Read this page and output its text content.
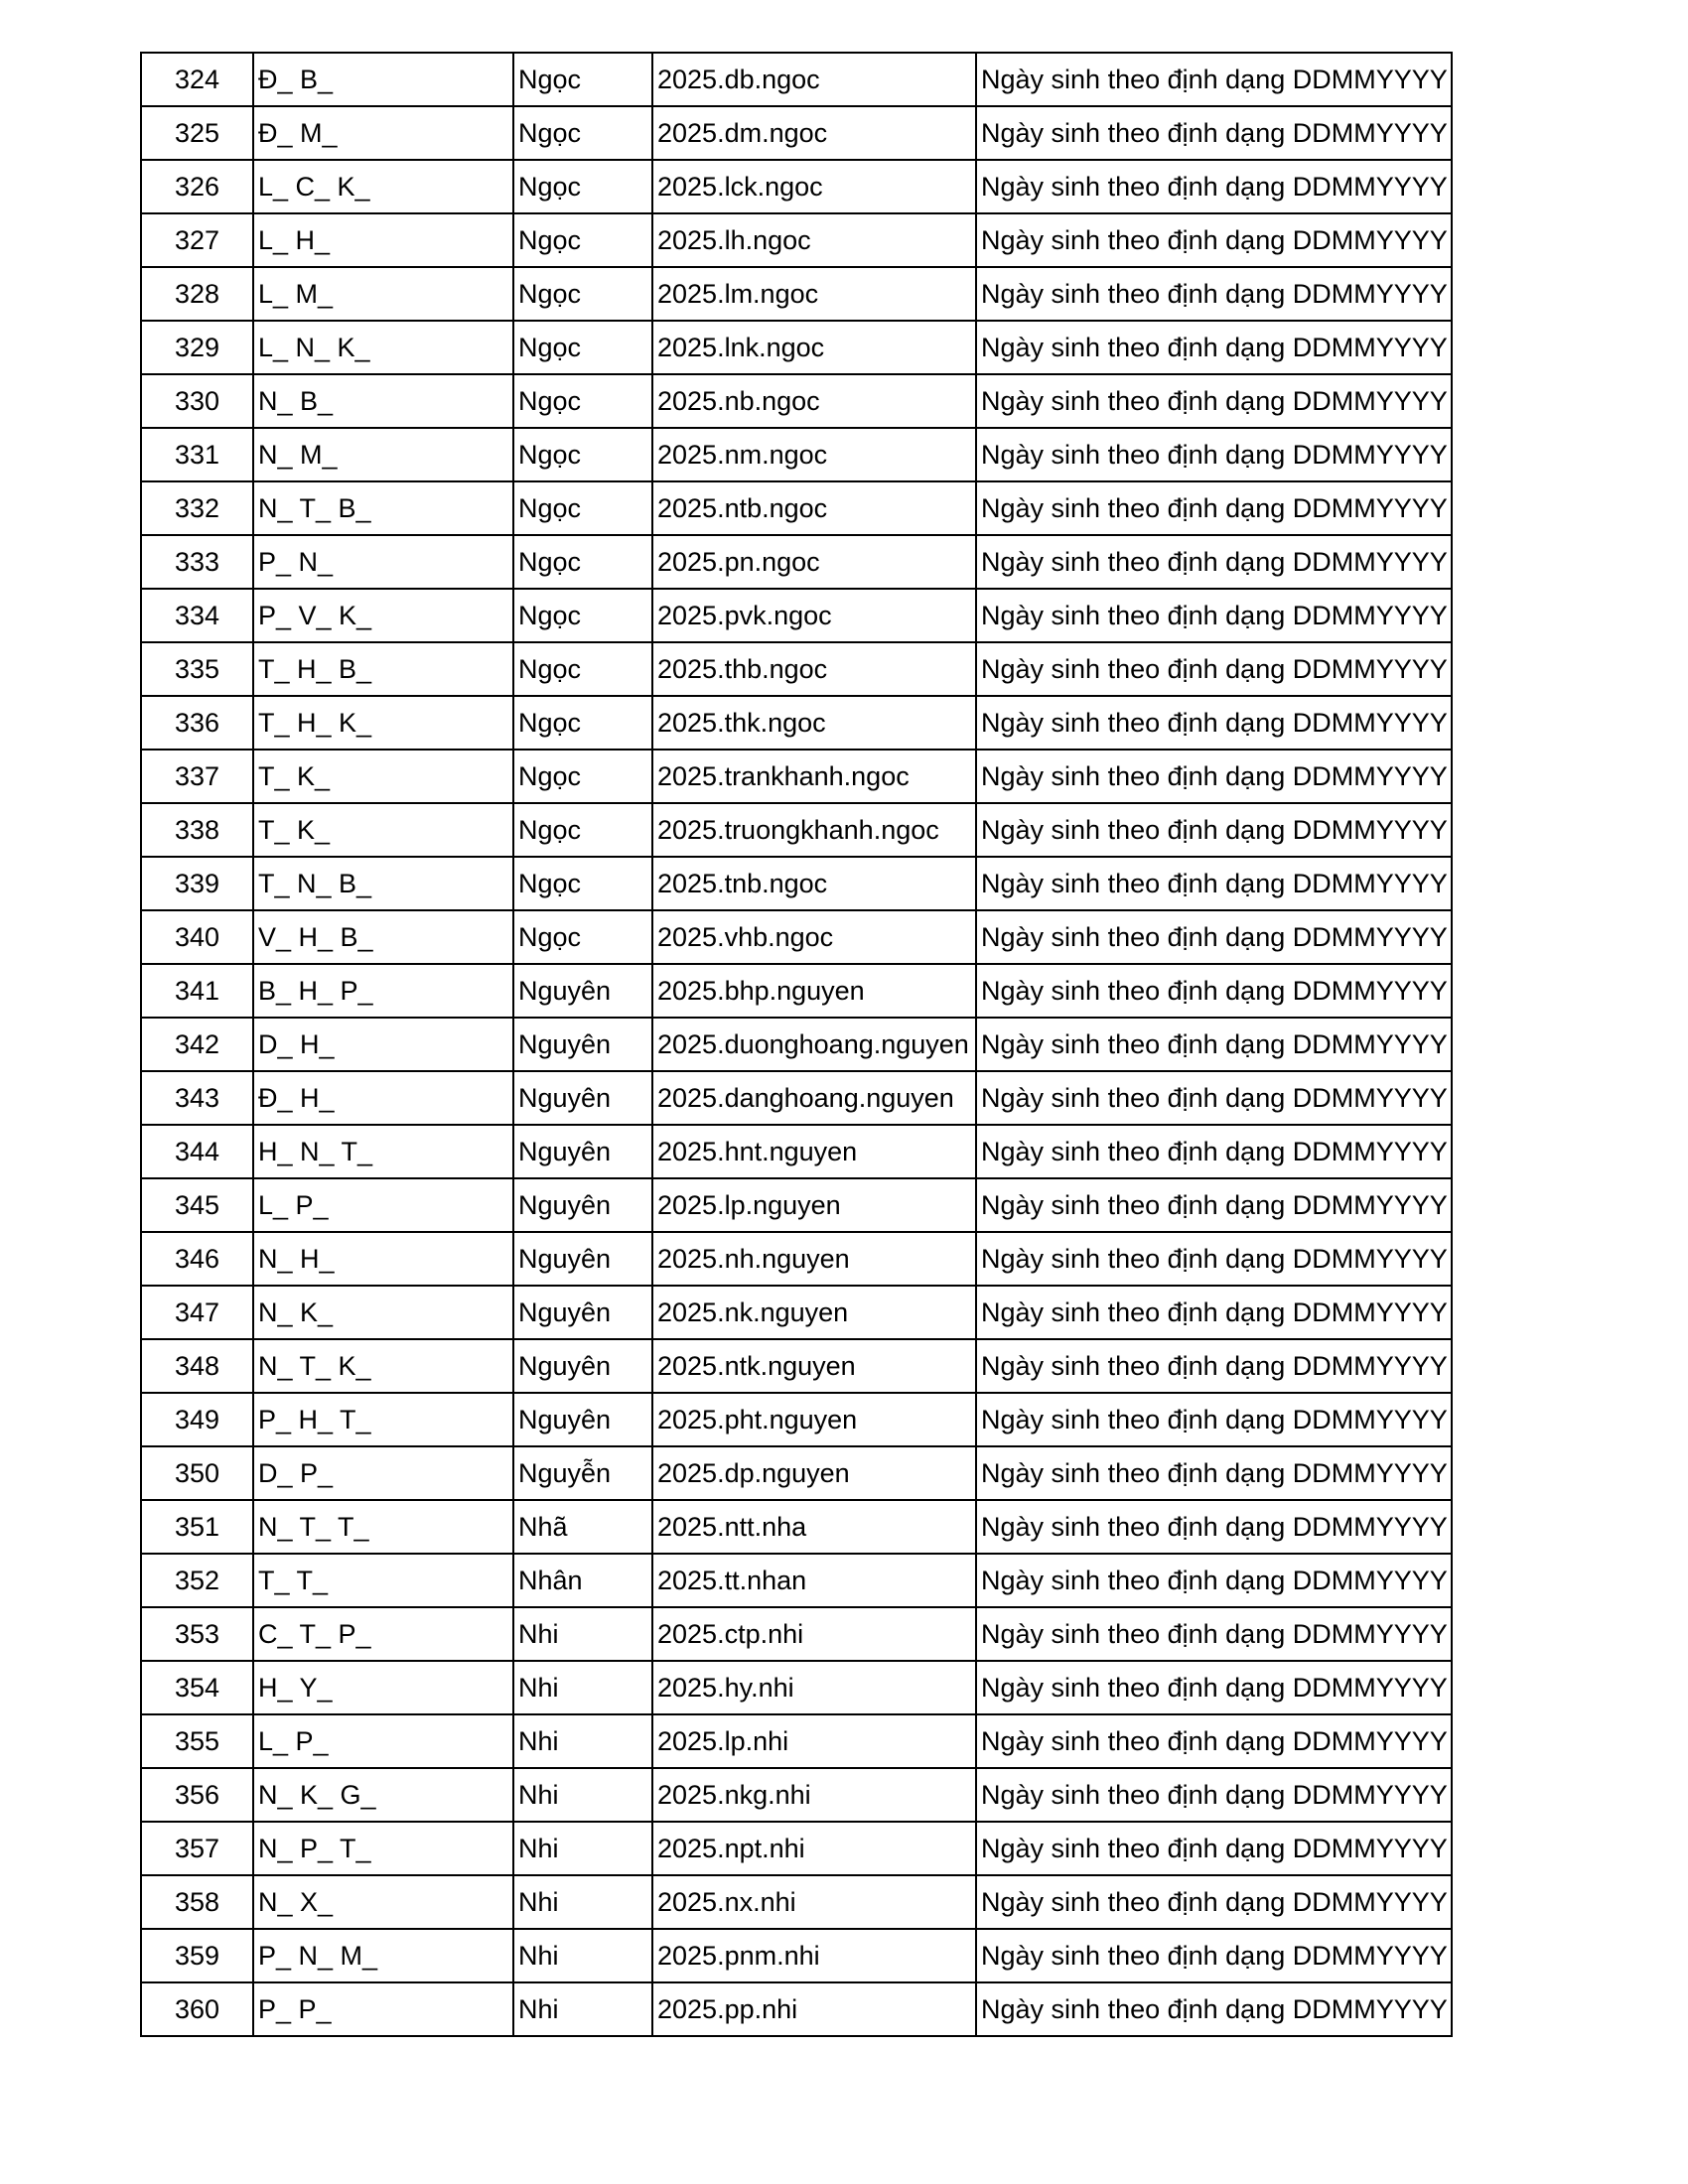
324	Đ_ B_	Ngọc	2025.db.ngoc	Ngày sinh theo định dạng DDMMYYYY
325	Đ_ M_	Ngọc	2025.dm.ngoc	Ngày sinh theo định dạng DDMMYYYY
326	L_ C_ K_	Ngọc	2025.lck.ngoc	Ngày sinh theo định dạng DDMMYYYY
327	L_ H_	Ngọc	2025.lh.ngoc	Ngày sinh theo định dạng DDMMYYYY
328	L_ M_	Ngọc	2025.lm.ngoc	Ngày sinh theo định dạng DDMMYYYY
329	L_ N_ K_	Ngọc	2025.lnk.ngoc	Ngày sinh theo định dạng DDMMYYYY
330	N_ B_	Ngọc	2025.nb.ngoc	Ngày sinh theo định dạng DDMMYYYY
331	N_ M_	Ngọc	2025.nm.ngoc	Ngày sinh theo định dạng DDMMYYYY
332	N_ T_ B_	Ngọc	2025.ntb.ngoc	Ngày sinh theo định dạng DDMMYYYY
333	P_ N_	Ngọc	2025.pn.ngoc	Ngày sinh theo định dạng DDMMYYYY
334	P_ V_ K_	Ngọc	2025.pvk.ngoc	Ngày sinh theo định dạng DDMMYYYY
335	T_ H_ B_	Ngọc	2025.thb.ngoc	Ngày sinh theo định dạng DDMMYYYY
336	T_ H_ K_	Ngọc	2025.thk.ngoc	Ngày sinh theo định dạng DDMMYYYY
337	T_ K_	Ngọc	2025.trankhanh.ngoc	Ngày sinh theo định dạng DDMMYYYY
338	T_ K_	Ngọc	2025.truongkhanh.ngoc	Ngày sinh theo định dạng DDMMYYYY
339	T_ N_ B_	Ngọc	2025.tnb.ngoc	Ngày sinh theo định dạng DDMMYYYY
340	V_ H_ B_	Ngọc	2025.vhb.ngoc	Ngày sinh theo định dạng DDMMYYYY
341	B_ H_ P_	Nguyên	2025.bhp.nguyen	Ngày sinh theo định dạng DDMMYYYY
342	D_ H_	Nguyên	2025.duonghoang.nguyen	Ngày sinh theo định dạng DDMMYYYY
343	Đ_ H_	Nguyên	2025.danghoang.nguyen	Ngày sinh theo định dạng DDMMYYYY
344	H_ N_ T_	Nguyên	2025.hnt.nguyen	Ngày sinh theo định dạng DDMMYYYY
345	L_ P_	Nguyên	2025.lp.nguyen	Ngày sinh theo định dạng DDMMYYYY
346	N_ H_	Nguyên	2025.nh.nguyen	Ngày sinh theo định dạng DDMMYYYY
347	N_ K_	Nguyên	2025.nk.nguyen	Ngày sinh theo định dạng DDMMYYYY
348	N_ T_ K_	Nguyên	2025.ntk.nguyen	Ngày sinh theo định dạng DDMMYYYY
349	P_ H_ T_	Nguyên	2025.pht.nguyen	Ngày sinh theo định dạng DDMMYYYY
350	D_ P_	Nguyễn	2025.dp.nguyen	Ngày sinh theo định dạng DDMMYYYY
351	N_ T_ T_	Nhã	2025.ntt.nha	Ngày sinh theo định dạng DDMMYYYY
352	T_ T_	Nhân	2025.tt.nhan	Ngày sinh theo định dạng DDMMYYYY
353	C_ T_ P_	Nhi	2025.ctp.nhi	Ngày sinh theo định dạng DDMMYYYY
354	H_ Y_	Nhi	2025.hy.nhi	Ngày sinh theo định dạng DDMMYYYY
355	L_ P_	Nhi	2025.lp.nhi	Ngày sinh theo định dạng DDMMYYYY
356	N_ K_ G_	Nhi	2025.nkg.nhi	Ngày sinh theo định dạng DDMMYYYY
357	N_ P_ T_	Nhi	2025.npt.nhi	Ngày sinh theo định dạng DDMMYYYY
358	N_ X_	Nhi	2025.nx.nhi	Ngày sinh theo định dạng DDMMYYYY
359	P_ N_ M_	Nhi	2025.pnm.nhi	Ngày sinh theo định dạng DDMMYYYY
360	P_ P_	Nhi	2025.pp.nhi	Ngày sinh theo định dạng DDMMYYYY
